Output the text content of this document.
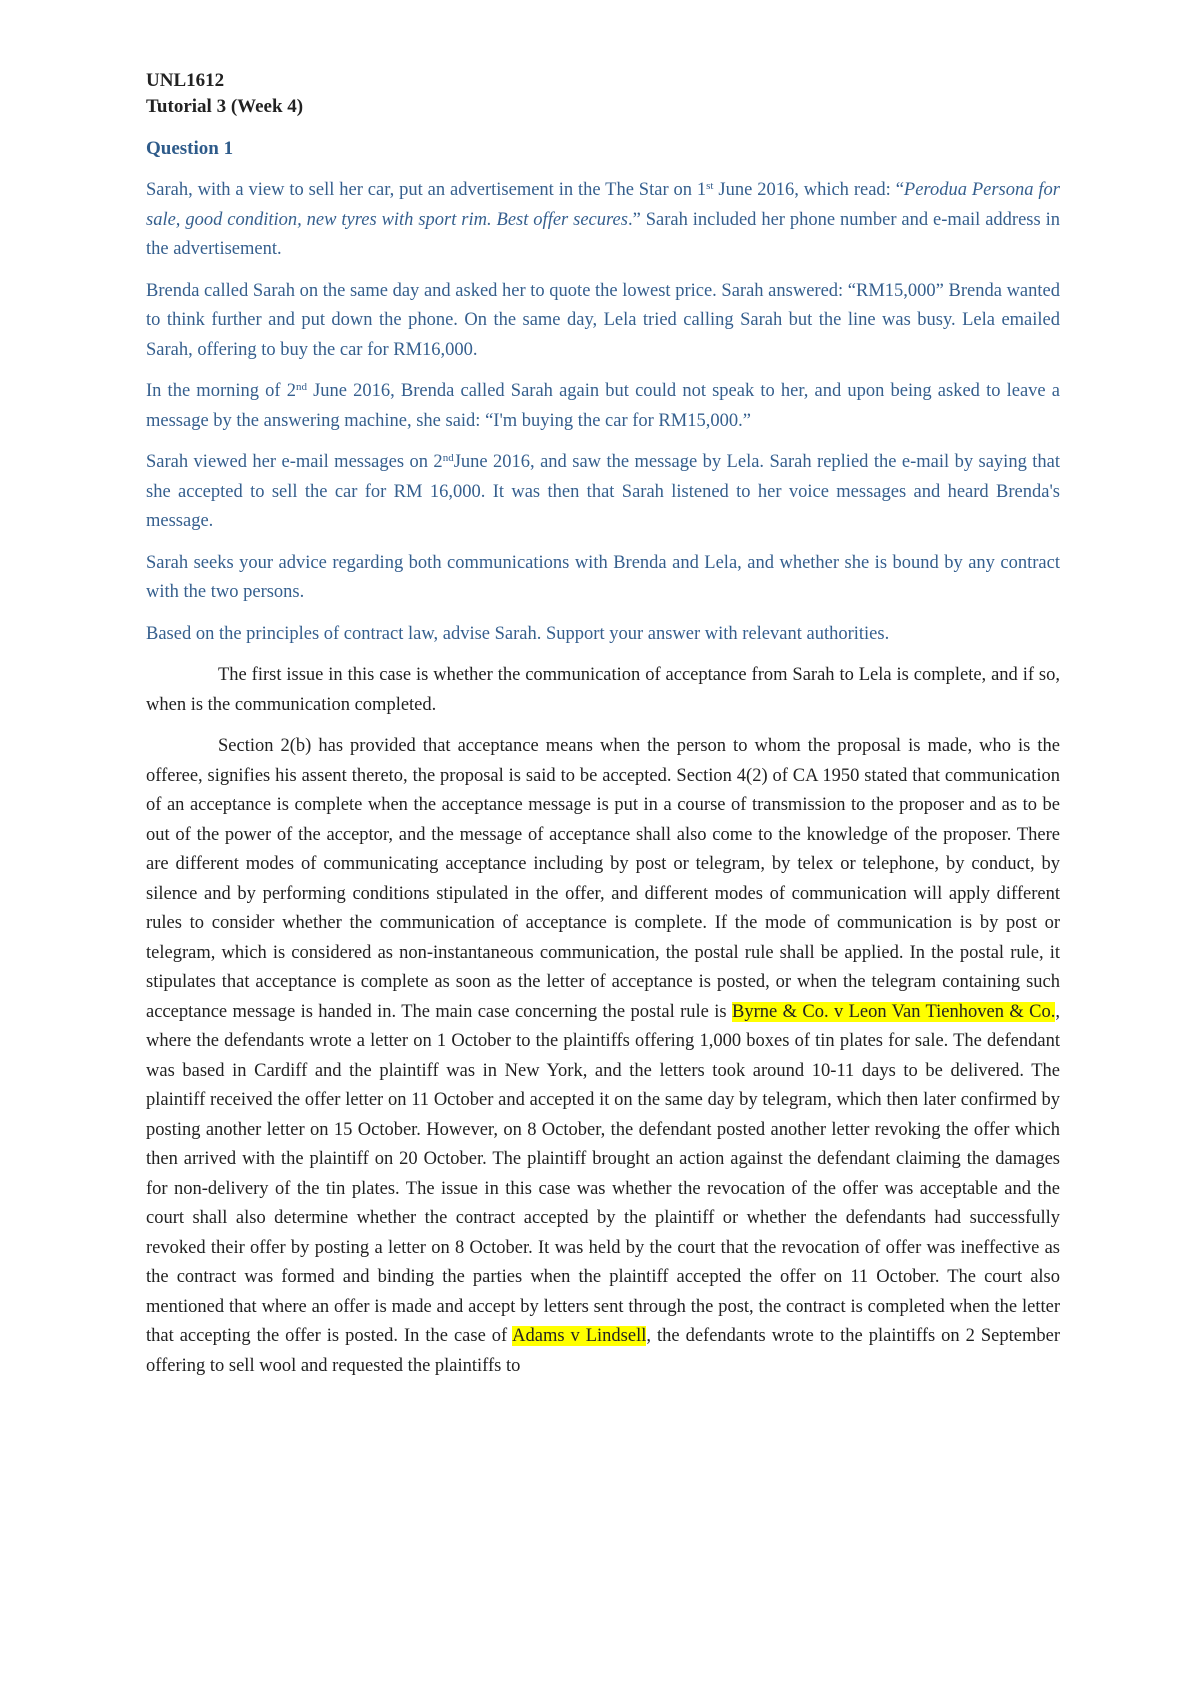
UNL1612

Tutorial 3 (Week 4)

Question 1

Sarah, with a view to sell her car, put an advertisement in the The Star on 1st June 2016, which read: “Perodua Persona for sale, good condition, new tyres with sport rim. Best offer secures.” Sarah included her phone number and e-mail address in the advertisement.

Brenda called Sarah on the same day and asked her to quote the lowest price. Sarah answered: “RM15,000” Brenda wanted to think further and put down the phone. On the same day, Lela tried calling Sarah but the line was busy. Lela emailed Sarah, offering to buy the car for RM16,000.

In the morning of 2nd June 2016, Brenda called Sarah again but could not speak to her, and upon being asked to leave a message by the answering machine, she said: “I'm buying the car for RM15,000.”

Sarah viewed her e-mail messages on 2ndJune 2016, and saw the message by Lela. Sarah replied the e-mail by saying that she accepted to sell the car for RM 16,000. It was then that Sarah listened to her voice messages and heard Brenda's message.

Sarah seeks your advice regarding both communications with Brenda and Lela, and whether she is bound by any contract with the two persons.

Based on the principles of contract law, advise Sarah. Support your answer with relevant authorities.

The first issue in this case is whether the communication of acceptance from Sarah to Lela is complete, and if so, when is the communication completed.

Section 2(b) has provided that acceptance means when the person to whom the proposal is made, who is the offeree, signifies his assent thereto, the proposal is said to be accepted. Section 4(2) of CA 1950 stated that communication of an acceptance is complete when the acceptance message is put in a course of transmission to the proposer and as to be out of the power of the acceptor, and the message of acceptance shall also come to the knowledge of the proposer. There are different modes of communicating acceptance including by post or telegram, by telex or telephone, by conduct, by silence and by performing conditions stipulated in the offer, and different modes of communication will apply different rules to consider whether the communication of acceptance is complete. If the mode of communication is by post or telegram, which is considered as non-instantaneous communication, the postal rule shall be applied. In the postal rule, it stipulates that acceptance is complete as soon as the letter of acceptance is posted, or when the telegram containing such acceptance message is handed in. The main case concerning the postal rule is Byrne & Co. v Leon Van Tienhoven & Co., where the defendants wrote a letter on 1 October to the plaintiffs offering 1,000 boxes of tin plates for sale. The defendant was based in Cardiff and the plaintiff was in New York, and the letters took around 10-11 days to be delivered. The plaintiff received the offer letter on 11 October and accepted it on the same day by telegram, which then later confirmed by posting another letter on 15 October. However, on 8 October, the defendant posted another letter revoking the offer which then arrived with the plaintiff on 20 October. The plaintiff brought an action against the defendant claiming the damages for non-delivery of the tin plates. The issue in this case was whether the revocation of the offer was acceptable and the court shall also determine whether the contract accepted by the plaintiff or whether the defendants had successfully revoked their offer by posting a letter on 8 October. It was held by the court that the revocation of offer was ineffective as the contract was formed and binding the parties when the plaintiff accepted the offer on 11 October. The court also mentioned that where an offer is made and accept by letters sent through the post, the contract is completed when the letter that accepting the offer is posted. In the case of Adams v Lindsell, the defendants wrote to the plaintiffs on 2 September offering to sell wool and requested the plaintiffs to
